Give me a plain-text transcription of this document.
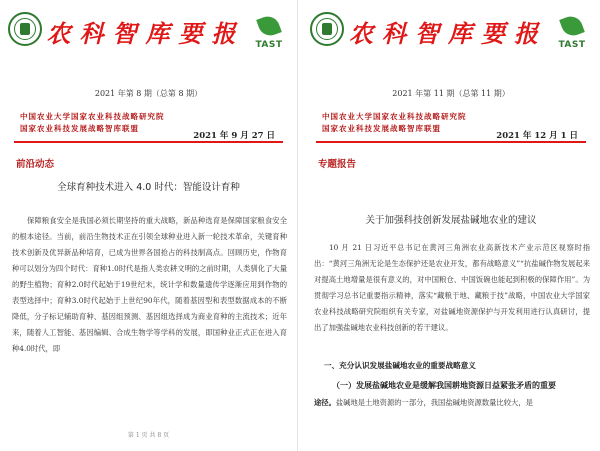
农科智库要报	TAST
2021 年第 8 期（总第 8 期）
中国农业大学国家农业科技战略研究院
国家农业科技发展战略智库联盟
2021 年 9 月 27 日
前沿动态
全球育种技术进入 4.0 时代：智能设计育种

保障粮食安全是我国必须长期坚持的重大战略，新品种选育是保障国家粮食安全的根本途径。当前，前沿生物技术正在引领全球种业进入新一轮技术革命，关键育种技术创新及优异新品种培育，已成为世界各国抢占的科技制高点。回顾历史，作物育种可以划分为四个时代：育种1.0时代是指人类农耕文明的之前时期，人类驯化了大量的野生植物；育种2.0时代起始于19世纪末，统计学和数量遗传学逐渐应用到作物的表型选择中；育种3.0时代起始于上世纪90年代，随着基因型和表型数据成本的不断降低，分子标记辅助育种、基因组预测、基因组选择成为商业育种的主流技术；近年来，随着人工智能、基因编辑、合成生物学等学科的发展，即国种业正式正在进入育种4.0时代，即

第 1 页 共 8 页
农科智库要报	TAST
2021 年第 11 期（总第 11 期）
中国农业大学国家农业科技战略研究院
国家农业科技发展战略智库联盟
2021 年 12 月 1 日
专题报告
关于加强科技创新发展盐碱地农业的建议

10 月 21 日习近平总书记在黄河三角洲农业高新技术产业示范区视察时指出：“黄河三角洲无论是生态保护还是农业开发，都有战略意义”“抗盐碱作物发展起来对提高土地增量是很有意义的，对中国粮仓、中国饭碗也能起到积极的保障作用”。为贯彻学习总书记重要指示精神，落实“藏粮于地、藏粮于技”战略，中国农业大学国家农业科技战略研究院组织有关专家，对盐碱地资源保护与开发利用进行认真研讨，提出了加强盐碱地农业科技创新的若干建议。

一、充分认识发展盐碱地农业的重要战略意义
（一）发展盐碱地农业是缓解我国耕地资源日益紧张矛盾的重要

途径。盐碱地是土地资源的一部分，我国盐碱地资源数量比较大，是
